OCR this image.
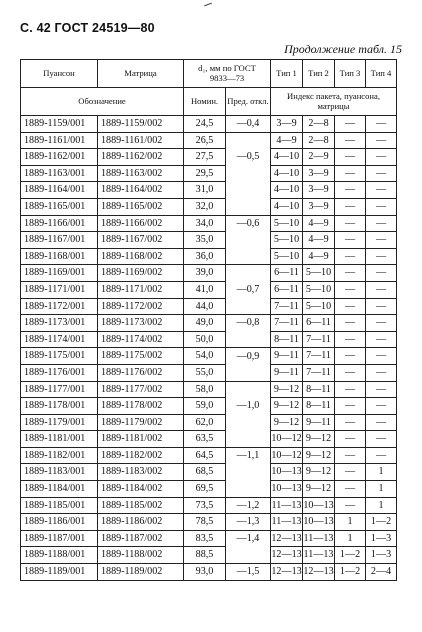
С. 42 ГОСТ 24519—80
Продолжение табл. 15
Пуансон	Матрица	d₁, мм по ГОСТ 9833—73		Тип 1	Тип 2	Тип 3	Тип 4
Обозначение		Номин.	Пред. откл.	Индекс пакета, пуансона, матрицы			
1889-1159/001	1889-1159/002	24,5	—0,4	3—9	2—8	—	—
1889-1161/001	1889-1161/002	26,5		4—9	2—8	—	—
1889-1162/001	1889-1162/002	27,5	—0,5	4—10	2—9	—	—
1889-1163/001	1889-1163/002	29,5		4—10	3—9	—	—
1889-1164/001	1889-1164/002	31,0		4—10	3—9	—	—
1889-1165/001	1889-1165/002	32,0		4—10	3—9	—	—
1889-1166/001	1889-1166/002	34,0	—0,6	5—10	4—9	—	—
1889-1167/001	1889-1167/002	35,0		5—10	4—9	—	—
1889-1168/001	1889-1168/002	36,0		5—10	4—9	—	—
1889-1169/001	1889-1169/002	39,0		6—11	5—10	—	—
1889-1171/001	1889-1171/002	41,0	—0,7	6—11	5—10	—	—
1889-1172/001	1889-1172/002	44,0		7—11	5—10	—	—
1889-1173/001	1889-1173/002	49,0	—0,8	7—11	6—11	—	—
1889-1174/001	1889-1174/002	50,0		8—11	7—11	—	—
1889-1175/001	1889-1175/002	54,0	—0,9	9—11	7—11	—	—
1889-1176/001	1889-1176/002	55,0		9—11	7—11	—	—
1889-1177/001	1889-1177/002	58,0		9—12	8—11	—	—
1889-1178/001	1889-1178/002	59,0	—1,0	9—12	8—11	—	—
1889-1179/001	1889-1179/002	62,0		9—12	9—11	—	—
1889-1181/001	1889-1181/002	63,5		10—12	9—12	—	—
1889-1182/001	1889-1182/002	64,5	—1,1	10—12	9—12	—	—
1889-1183/001	1889-1183/002	68,5		10—13	9—12	—	1
1889-1184/001	1889-1184/002	69,5		10—13	9—12	—	1
1889-1185/001	1889-1185/002	73,5	—1,2	11—13	10—13	—	1
1889-1186/001	1889-1186/002	78,5	—1,3	11—13	10—13	1	1—2
1889-1187/001	1889-1187/002	83,5	—1,4	12—13	11—13	1	1—3
1889-1188/001	1889-1188/002	88,5		12—13	11—13	1—2	1—3
1889-1189/001	1889-1189/002	93,0	—1,5	12—13	12—13	1—2	2—4
